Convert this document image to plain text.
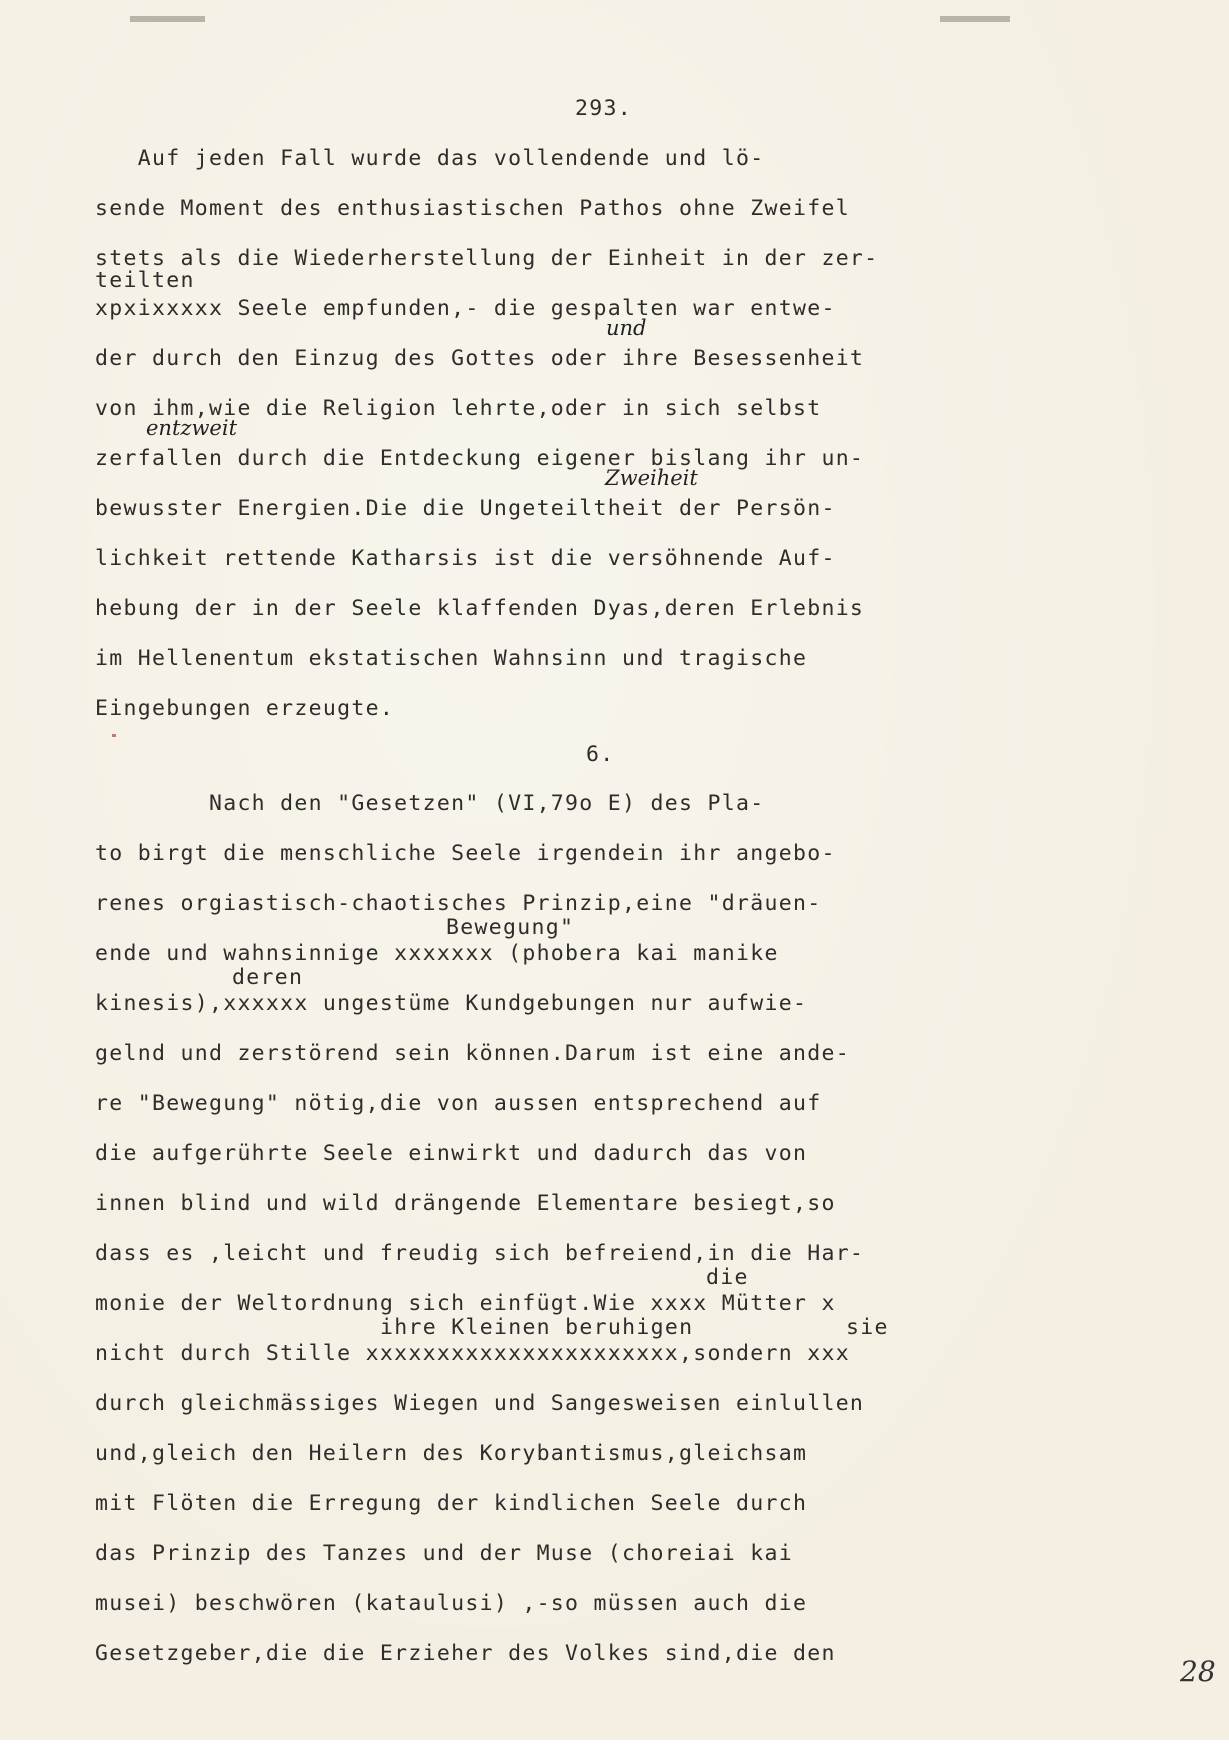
293.
Auf jeden Fall wurde das vollendende und lö-
sende Moment des enthusiastischen Pathos ohne Zweifel
stets als die Wiederherstellung der Einheit in der zer-
teilten
xpxixxxxx Seele empfunden,- die gespalten war entwe-
der durch den Einzug des Gottes oder ihre Besessenheit
und
von ihm,wie die Religion lehrte,oder in sich selbst
entzweit
zerfallen durch die Entdeckung eigener bislang ihr un-
Zweiheit
bewusster Energien.Die die Ungeteiltheit der Persön-
lichkeit rettende Katharsis ist die versöhnende Auf-
hebung der in der Seele klaffenden Dyas,deren Erlebnis
im Hellenentum ekstatischen Wahnsinn und tragische
Eingebungen erzeugte.
6.
Nach den "Gesetzen" (VI,79o E) des Pla-
to birgt die menschliche Seele irgendein ihr angebo-
renes orgiastisch-chaotisches Prinzip,eine "dräuen-
Bewegung"
ende und wahnsinnige xxxxxxx (phobera kai manike
deren
kinesis),xxxxxx ungestüme Kundgebungen nur aufwie-
gelnd und zerstörend sein können.Darum ist eine ande-
re "Bewegung" nötig,die von aussen entsprechend auf
die aufgerührte Seele einwirkt und dadurch das von
innen blind und wild drängende Elementare besiegt,so
dass es ,leicht und freudig sich befreiend,in die Har-
die
monie der Weltordnung sich einfügt.Wie xxxx Mütter x
ihre Kleinen beruhigen	sie
nicht durch Stille xxxxxxxxxxxxxxxxxxxxxx,sondern xxx
durch gleichmässiges Wiegen und Sangesweisen einlullen
und,gleich den Heilern des Korybantismus,gleichsam
mit Flöten die Erregung der kindlichen Seele durch
das Prinzip des Tanzes und der Muse (choreiai kai
musei) beschwören (kataulusi) ,-so müssen auch die
Gesetzgeber,die die Erzieher des Volkes sind,die den
28
